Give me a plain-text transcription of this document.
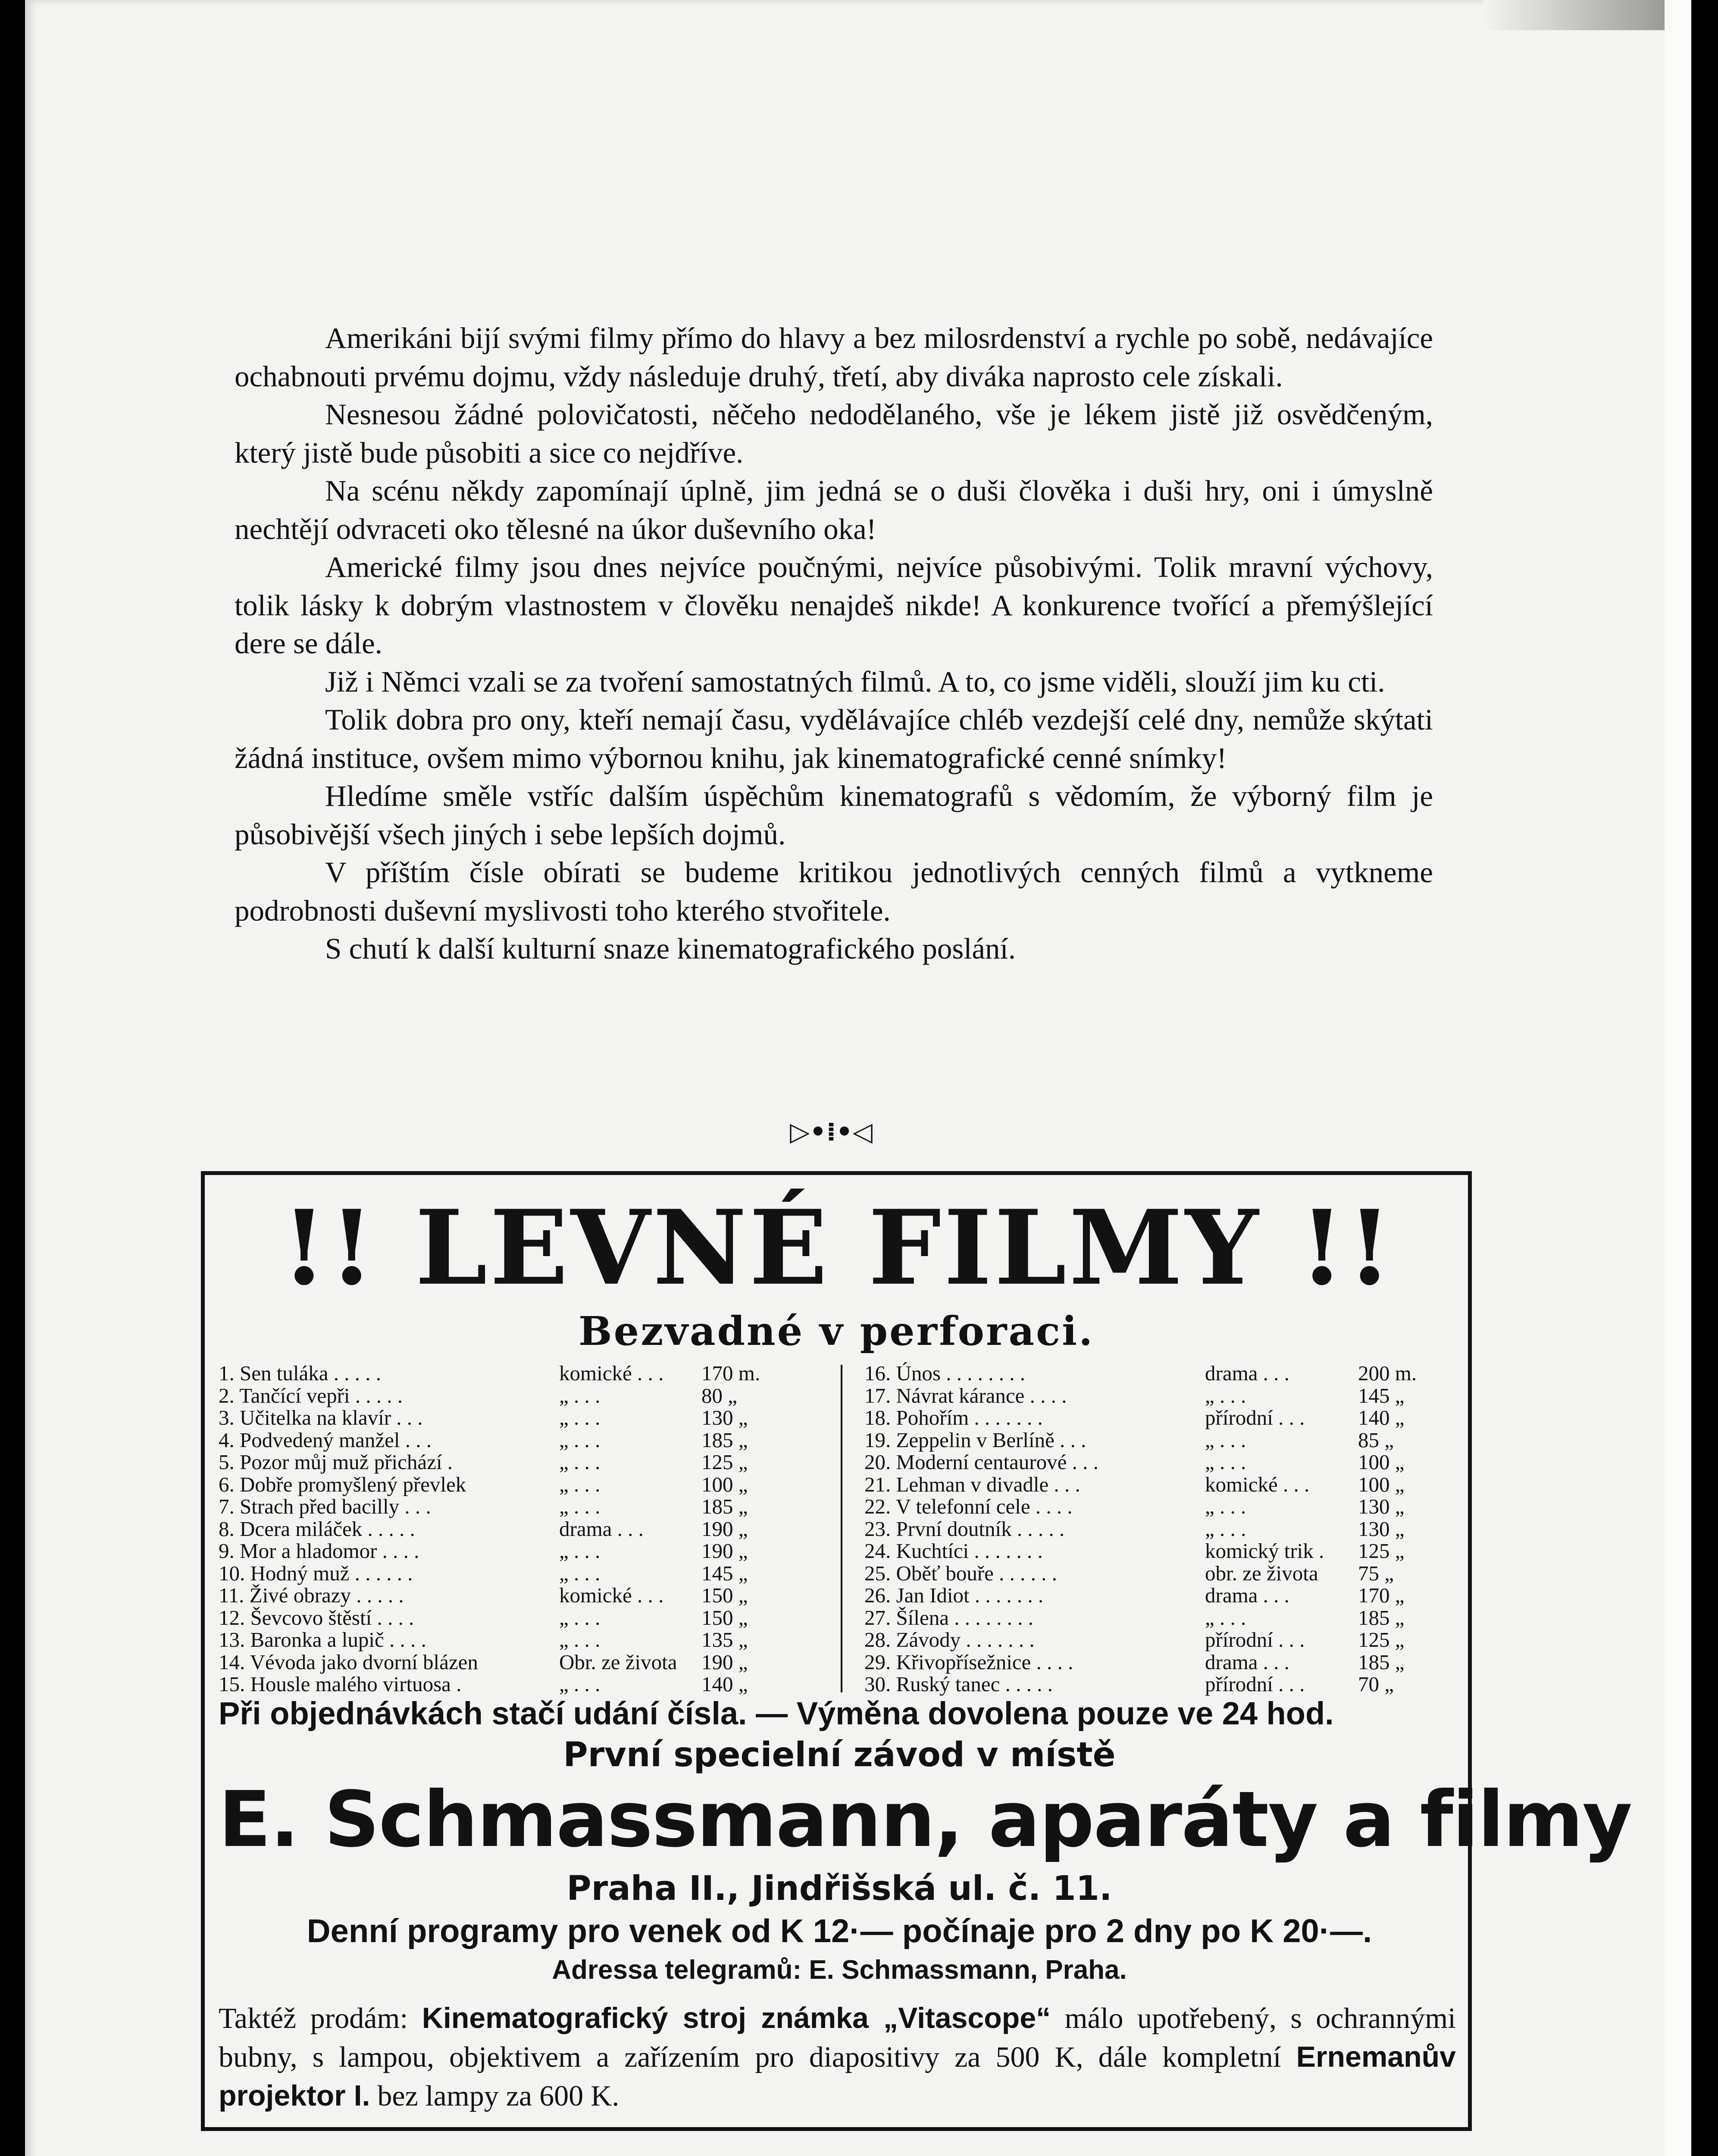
Amerikáni bijí svými filmy přímo do hlavy a bez milosrdenství a rychle po sobě, nedávajíce ochabnouti prvému dojmu, vždy následuje druhý, třetí, aby diváka naprosto cele získali.

Nesnesou žádné polovičatosti, něčeho nedodělaného, vše je lékem jistě již osvědčeným, který jistě bude působiti a sice co nejdříve.

Na scénu někdy zapomínají úplně, jim jedná se o duši člověka i duši hry, oni i úmyslně nechtějí odvraceti oko tělesné na úkor duševního oka!

Americké filmy jsou dnes nejvíce poučnými, nejvíce působivými. Tolik mravní výchovy, tolik lásky k dobrým vlastnostem v člověku nenajdeš nikde! A konkurence tvořící a přemýšlející dere se dále.

Již i Němci vzali se za tvoření samostatných filmů. A to, co jsme viděli, slouží jim ku cti.

Tolik dobra pro ony, kteří nemají času, vydělávajíce chléb vezdejší celé dny, nemůže skýtati žádná instituce, ovšem mimo výbornou knihu, jak kinematografické cenné snímky!

Hledíme směle vstříc dalším úspěchům kinematografů s vědomím, že výborný film je působivější všech jiných i sebe lepších dojmů.

V příštím čísle obírati se budeme kritikou jednotlivých cenných filmů a vytkneme podrobnosti duševní myslivosti toho kterého stvořitele.

S chutí k další kulturní snaze kinematografického poslání.

▷•⁞•◁
!! LEVNÉ FILMY !!
Bezvadné v perforaci.
1. Sen tuláka . . . . .	komické . . . 170 m.
2. Tančící vepři . . . . .	„ . . .	80 „
3. Učitelka na klavír . . .	„ . . .	130 „
4. Podvedený manžel . . .	„ . . .	185 „
5. Pozor můj muž přichází .	„ . . .	125 „
6. Dobře promyšlený převlek	„ . . .	100 „
7. Strach před bacilly . . .	„ . . .	185 „
8. Dcera miláček . . . . .	drama . . .	190 „
9. Mor a hladomor . . . .	„ . . .	190 „
10. Hodný muž . . . . . .	„ . . .	145 „
11. Živé obrazy . . . . .	komické . . . 150 „
12. Ševcovo štěstí . . . .	„ . . .	150 „
13. Baronka a lupič . . . .	„ . . .	135 „
14. Vévoda jako dvorní blázen	Obr. ze života 190 „
15. Housle malého virtuosa .	„ . . .	140 „
16. Únos . . . . . . . .	drama . . .	200 m.
17. Návrat kárance . . . .	„ . . .	145 „
18. Pohořím . . . . . . .	přírodní . . .	140 „
19. Zeppelin v Berlíně . . .	„ . . .	85 „
20. Moderní centaurové . . .	„ . . .	100 „
21. Lehman v divadle . . .	komické . . . 100 „
22. V telefonní cele . . . .	„ . . .	130 „
23. První doutník . . . . .	„ . . .	130 „
24. Kuchtíci . . . . . . .	komický trik . 125 „
25. Oběť bouře . . . . . .	obr. ze života 75 „
26. Jan Idiot . . . . . . .	drama . . .	170 „
27. Šílena . . . . . . . .	„ . . .	185 „
28. Závody . . . . . . .	přírodní . . .	125 „
29. Křivopřísežnice . . . .	drama . . .	185 „
30. Ruský tanec . . . . .	přírodní . . .	70 „
Při objednávkách stačí udání čísla. — Výměna dovolena pouze ve 24 hod.
První specielní závod v místě
E. Schmassmann, aparáty a filmy
Praha II., Jindřišská ul. č. 11.
Denní programy pro venek od K 12·— počínaje pro 2 dny po K 20·—.
Adressa telegramů: E. Schmassmann, Praha.
Taktéž prodám: Kinematografický stroj známka „Vitascope“ málo upotřebený, s ochrannými bubny, s lampou, objektivem a zařízením pro diapositivy za 500 K, dále kompletní Ernemanův projektor I. bez lampy za 600 K.
